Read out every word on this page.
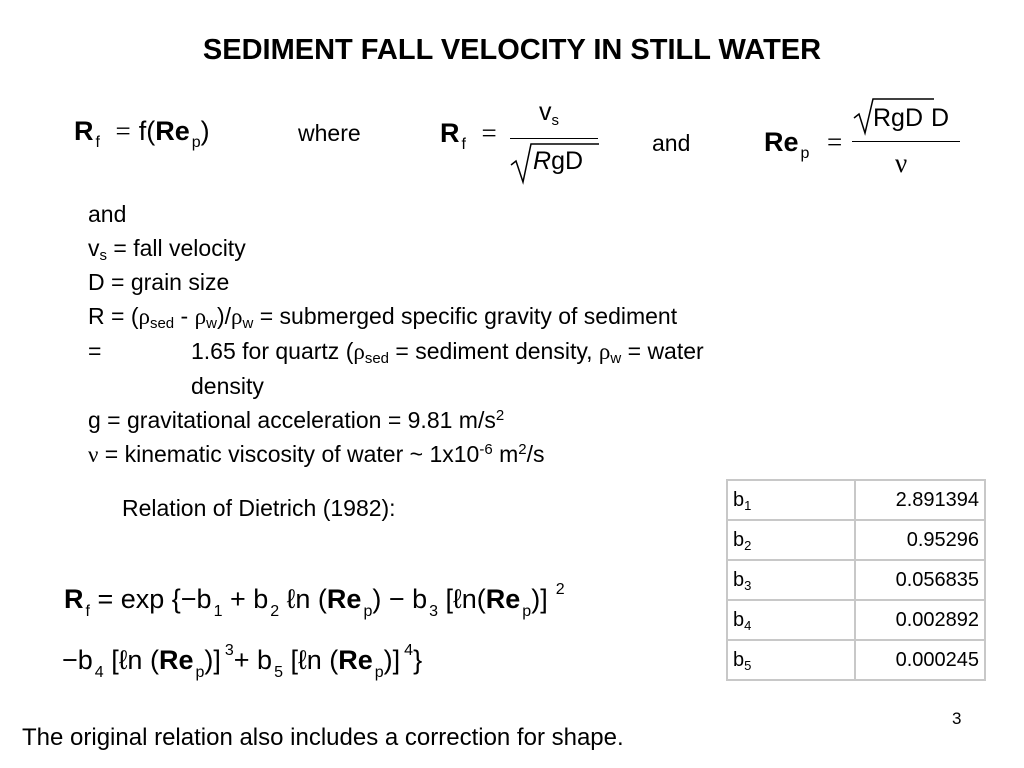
SEDIMENT FALL VELOCITY IN STILL WATER
R $_f$ = f(Re $_p$)	where	R $_f$ =
$v_s$
RgD
and	Re $_p$ =
RgD D
ν
and
$v_s$ = fall velocity
D = grain size
$R = (\rho_{sed} - \rho_w)/\rho_w$ = submerged specific gravity of sediment
=	1.65 for quartz ($\rho_{sed}$ = sediment density, $\rho_w$ = water
density
g = gravitational acceleration = 9.81 $m/s^2$
ν = kinematic viscosity of water ~ $1x10^{-6}$ $m^2/s$
Relation of Dietrich (1982):
R $_f$ = exp {−b $_1$ + b $_2$ ℓn (Re $_p$) − b $_3$ [ℓn(Re $_p$)] $^2$
−b $_4$ [ℓn (Re $_p$)] $^3$+ b $_5$ [ℓn (Re $_p$)] $^4$}
$b_1$	2.891394
$b_2$	0.95296
$b_3$	0.056835
$b_4$	0.002892
$b_5$	0.000245
3
The original relation also includes a correction for shape.
